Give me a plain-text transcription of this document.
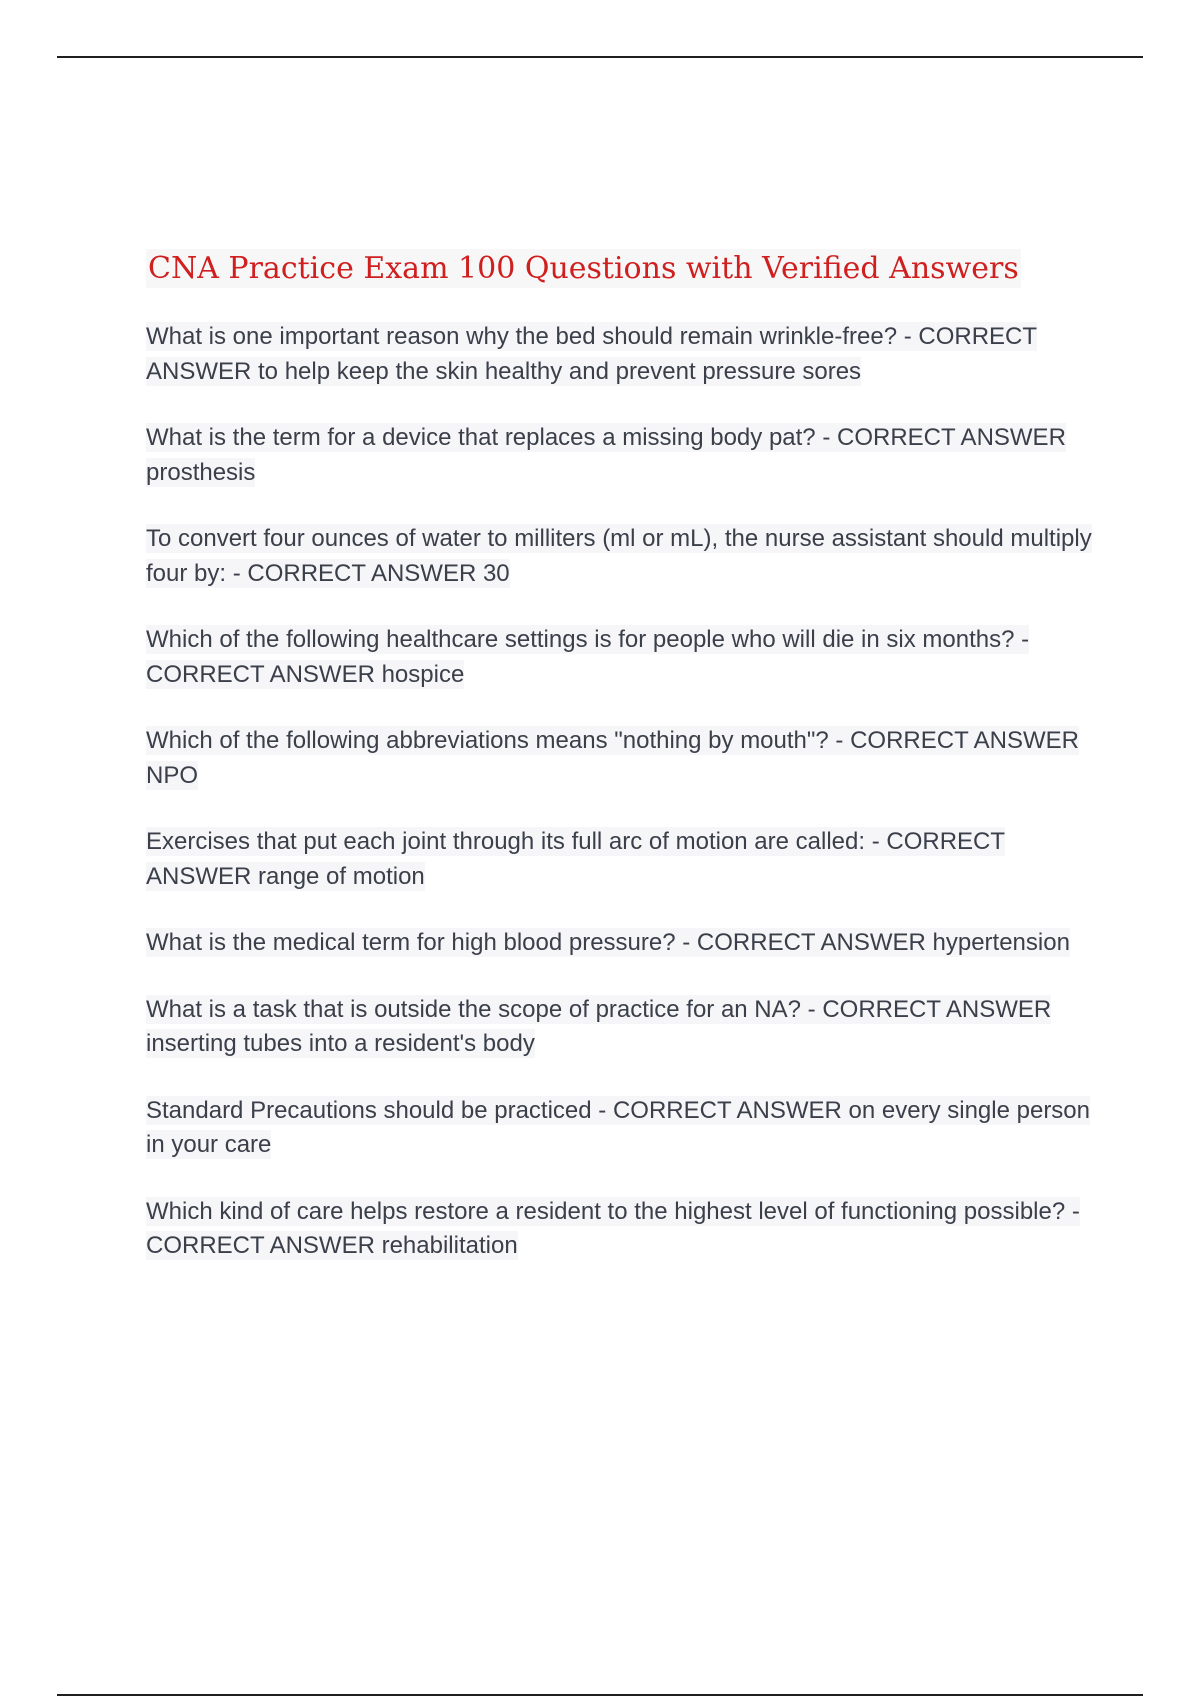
CNA Practice Exam 100 Questions with Verified Answers
What is one important reason why the bed should remain wrinkle-free? - CORRECT ANSWER to help keep the skin healthy and prevent pressure sores
What is the term for a device that replaces a missing body pat? - CORRECT ANSWER prosthesis
To convert four ounces of water to milliters (ml or mL), the nurse assistant should multiply four by: - CORRECT ANSWER 30
Which of the following healthcare settings is for people who will die in six months? - CORRECT ANSWER hospice
Which of the following abbreviations means "nothing by mouth"? - CORRECT ANSWER NPO
Exercises that put each joint through its full arc of motion are called: - CORRECT ANSWER range of motion
What is the medical term for high blood pressure? - CORRECT ANSWER hypertension
What is a task that is outside the scope of practice for an NA? - CORRECT ANSWER inserting tubes into a resident's body
Standard Precautions should be practiced - CORRECT ANSWER on every single person in your care
Which kind of care helps restore a resident to the highest level of functioning possible? - CORRECT ANSWER rehabilitation
